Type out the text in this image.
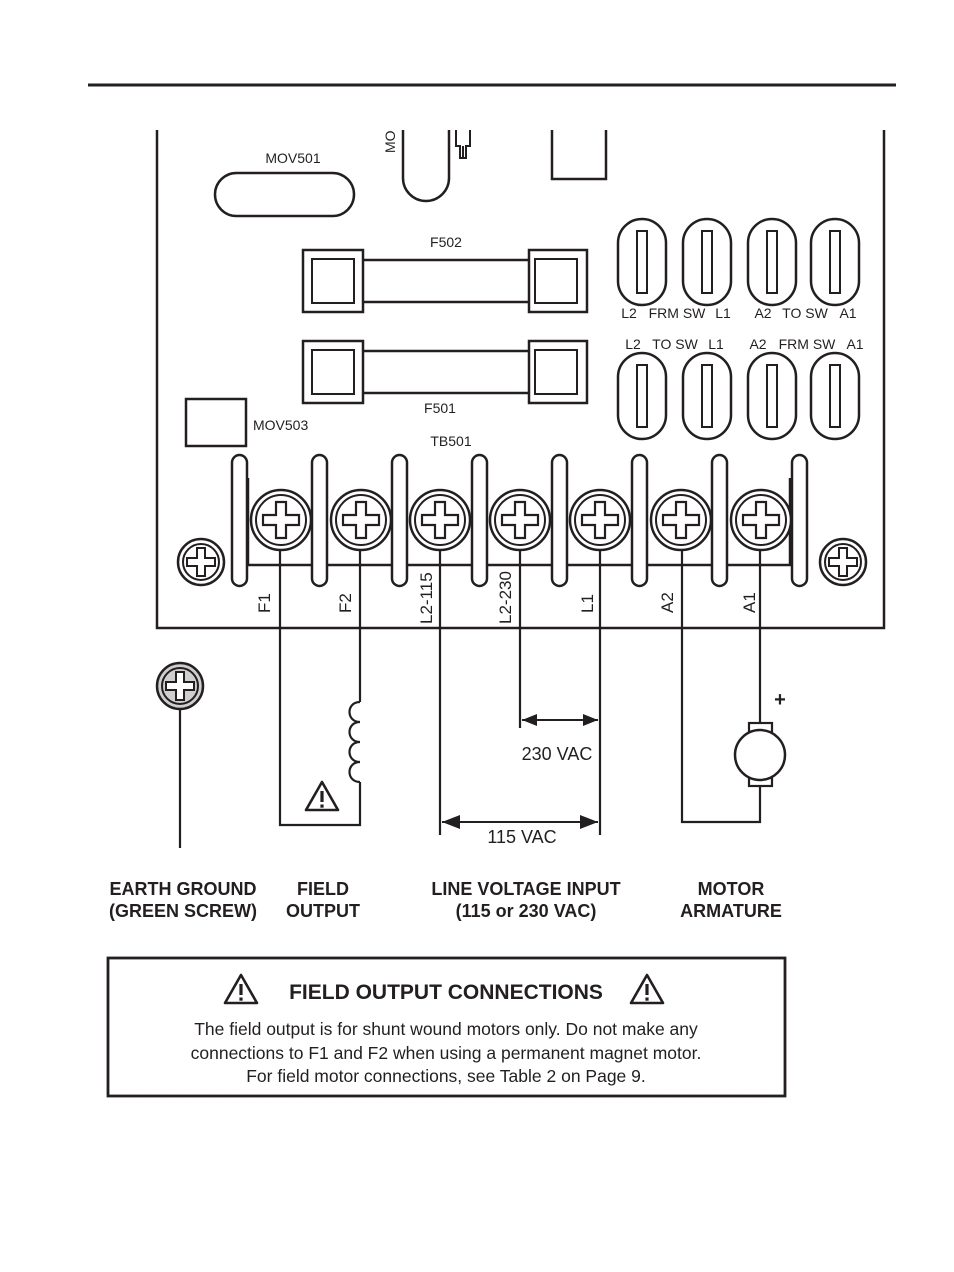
MOV501
MO
F502
F501
MOV503
TB501
L2 FRM SW L1 A2 TO SW A1
L2 TO SW L1 A2 FRM SW A1
F1	F2	L2-115	L2-230	L1	A2	A1
230 VAC
115 VAC
+
EARTH GROUND
(GREEN SCREW)
FIELD
OUTPUT
LINE VOLTAGE INPUT
(115 or 230 VAC)
MOTOR
ARMATURE
FIELD OUTPUT CONNECTIONS
The field output is for shunt wound motors only. Do not make any
connections to F1 and F2 when using a permanent magnet motor.
For field motor connections, see Table 2 on Page 9.
